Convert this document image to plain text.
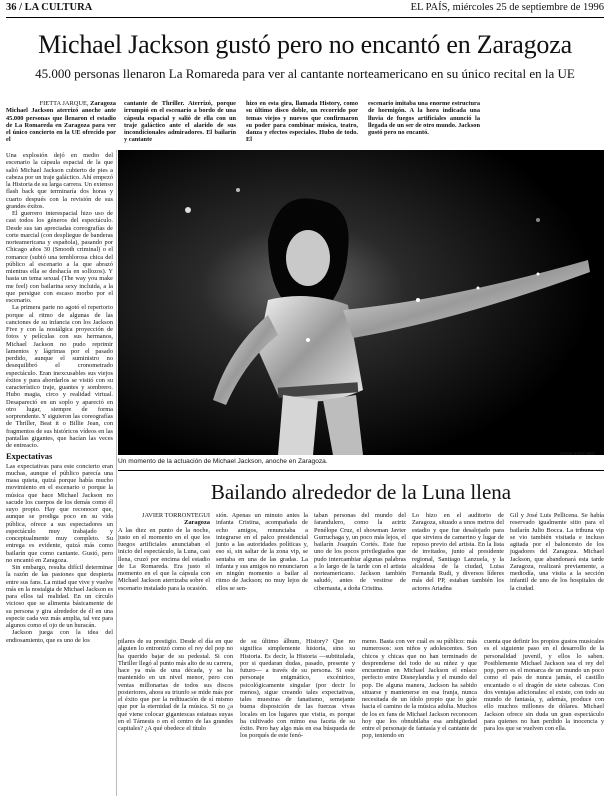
36 / LA CULTURA	EL PAÍS, miércoles 25 de septiembre de 1996
Michael Jackson gustó pero no encantó en Zaragoza
45.000 personas llenaron La Romareda para ver al cantante norteamericano en su único recital en la UE
FIETTA JARQUE, Zaragoza

Michael Jackson aterrizó anoche ante 45.000 personas que llenaron el estadio de La Romareda en Zaragoza para ver el único concierto en la UE ofrecido por el

cantante de Thriller. Aterrizó, porque irrumpió en el escenario a bordo de una cápsula espacial y salió de ella con un traje galáctico ante el alarido de sus incondicionales admiradores. El bailarín y cantante

hizo en esta gira, llamada History, como su último disco doble, un recorrido por temas viejos y nuevos que confirmaron su poder para combinar música, teatro, danza y efectos especiales. Hubo de todo. El

escenario imitaba una enorme estructura de hormigón. A la hora indicada una lluvia de fuegos artificiales anunció la llegada de un ser de otro mundo. Jackson gustó pero no encantó.

Una explosión dejó en medio del escenario la cápsula espacial de la que salió Michael Jackson cubierto de pies a cabeza por un traje galáctico. Ahí empezó la Historia de su larga carrera. Un extenso flash back que terminaría dos horas y cuarto después con la revisión de sus grandes éxitos.

El guerrero interespacial hizo uso de casi todos los géneros del espectáculo. Desde sus tan apreciadas coreografías de corte marcial (con despliegue de banderas norteamericana y española), pasando por Chicago años 30 (Smooth criminal) o el romance (subió una temblorosa chica del público al escenario a la que abrazó mientras ella se deshacía en sollozos). Y hasta un tema sexual (The way you make me feel) con bailarina sexy incluida, a la que persigue con escaso morbo por el escenario.

La primera parte no agotó el repertorio porque al ritmo de algunas de las canciones de su infancia con los Jackson Five y con la nostálgica proyección de fotos y películas con sus hermanos, Michael Jackson no pudo reprimir lamentos y lágrimas por el pasado perdido, aunque el suministro no desequilibró el cronometrado espectáculo. Eran inexcusables sus viejos éxitos y para abordarlos se vistió con su característico traje, guantes y sombrero. Hubo magia, circo y realidad virtual. Desapareció en un soplo y apareció en otro lugar, siempre de forma sorprendente. Y siguieron las coreografías de Thriller, Beat it o Billie Jean, con fragmentos de sus históricos vídeos en las pantallas gigantes, que hacían las veces de entreacto.

Expectativas

Las expectativas para este concierto eran muchas, aunque el público parecía una masa quieta, quizá porque había mucho movimiento en el escenario o porque la música que hace Michael Jackson no sacude los cuerpos de los demás como él suyo propio. Hay que reconocer que, aunque se prodiga poco en su vida pública, ofrece a sus espectadores un espectáculo muy trabajado y conceptualmente muy completo. Su entrega es evidente, quizá más como bailarín que como cantante. Gustó, pero no encantó en Zaragoza.

Sin embargo, resulta difícil determinar la razón de las pasiones que despierta entre sus fans. La mitad que vive y vuelve más en la nostalgia de Michael Jackson es para ellos tal realidad. En un círculo vicioso que se alimenta básicamente de su persona y gira alrededor de él en una especie cada vez más amplia, tal vez para algunos como el ojo de un huracán.

Jackson juega con la idea del endiosamiento, que es uno de los

JOAN SÁNCHEZ
Un momento de la actuación de Michael Jackson, anoche en Zaragoza.
Bailando alrededor de la Luna llena
JAVIER TORRONTEGUI
Zaragoza

A las diez en punto de la noche, justo en el momento en el que los fuegos artificiales anunciaban el inicio del espectáculo, la Luna, casi llena, cruzó por encima del estadio de La Romareda. Era justo el momento en el que la cápsula con Michael Jackson aterrizaba sobre el escenario instalado para la ocasión.

sión. Apenas un minuto antes la infanta Cristina, acompañada de echo amigos, renunciaba a integrarse en el palco presidencial junto a las autoridades políticas y, eso sí, sin saltar de la zona vip, se sentaba en una de las gradas. La infanta y sus amigos no renunciaron en ningún momento a bailar al ritmo de Jackson; no muy lejos de ellos se sen-

taban personas del mundo del farandulero, como la actriz Penélope Cruz, el showman Javier Gurruchaga y, un poco más lejos, el bailarín Joaquín Cortés. Este fue uno de los pocos privilegiados que pudo intercambiar algunas palabras a lo largo de la tarde con el artista norteamericano. Jackson también saludó, antes de vestirse de cibernauta, a doña Cristina.

Lo hizo en el auditorio de Zaragoza, situado a unos metros del estadio y que fue desalojado para que sirviera de camerino y lugar de reposo previo del artista. En la lista de invitados, junto al presidente regional, Santiago Lanzuela, y la alcaldesa de la ciudad, Luisa Fernanda Rudi, y diversos líderes más del PP, estaban también los actores Ariadna

Gil y José Luis Pellicena. Se había reservado igualmente sitio para el bailarín Julio Bocca. La tribuna vip se vio también visitada e incluso agitada por el baloncesto de los jugadores del Zaragoza. Michael Jackson, que abandonará esta tarde Zaragoza, realizará previamente, a mediodía, una visita a la sección infantil de uno de los hospitales de la ciudad.

pilares de su prestigio. Desde el día en que alguien lo entronizó como el rey del pop no ha querido bajar de su pedestal. Si con Thriller llegó al punto más alto de su carrera, hace ya más de una década, y se ha mantenido en un nivel menor, pero con ventas millonarias de todos sus discos posteriores, ahora su triunfo se mide más por el éxito que por la redituación de sí mismo que por la eternidad de la música. Si no ¿a qué viene colocar gigantescas estatuas suyas en el Támesis o en el centro de las grandes capitales? ¿A qué obedece el título

de su último álbum, History? Que no significa simplemente historia, sino su Historia. Es decir, la Historia —subtitulada, por si quedaran dudas, pasado, presente y futuro— a través de su persona. Si este personaje enigmático, excéntrico, psicológicamente singular (por decir lo menos), sigue creando tales expectativas, tales muestras de fanatismo, semejante buena disposición de las fuerzas vivas locales en los lugares que visita, es porque ha cultivado con mimo esa faceta de su éxito. Pero hay algo más en esa búsqueda de los porqués de este fenó-

meno. Basta con ver cuál es su público: más numerosos: son niños y adolescentes. Son chicos y chicas que no han terminado de desprenderse del todo de su niñez y que encuentran en Michael Jackson el enlace perfecto entre Disneylandia y el mundo del pop. De alguna manera, Jackson ha sabido situarse y mantenerse en esa franja, nunca necesitada de un ídolo propio que lo guíe hacia el camino de la música adulta. Muchos de los ex fans de Michael Jackson reconocen hoy que los obnubilaba esa ambigüedad entre el personaje de fantasía y el cantante de pop, teniendo en

cuenta que definir los propios gustos musicales es el siguiente paso en el desarrollo de la personalidad juvenil, y ellos lo saben. Posiblemente Michael Jackson sea el rey del pop, pero es el monarca de un mundo un poco como el país de nunca jamás, el castillo encantado o el dragón de siete cabezas. Con dos ventajas adicionales: el existe, con todo su mundo de fantasía, y, además, produce con ello muchos millones de dólares. Michael Jackson ofrece sin duda un gran espectáculo para quienes no han perdido la inocencia y para los que se vuelven con ella.
